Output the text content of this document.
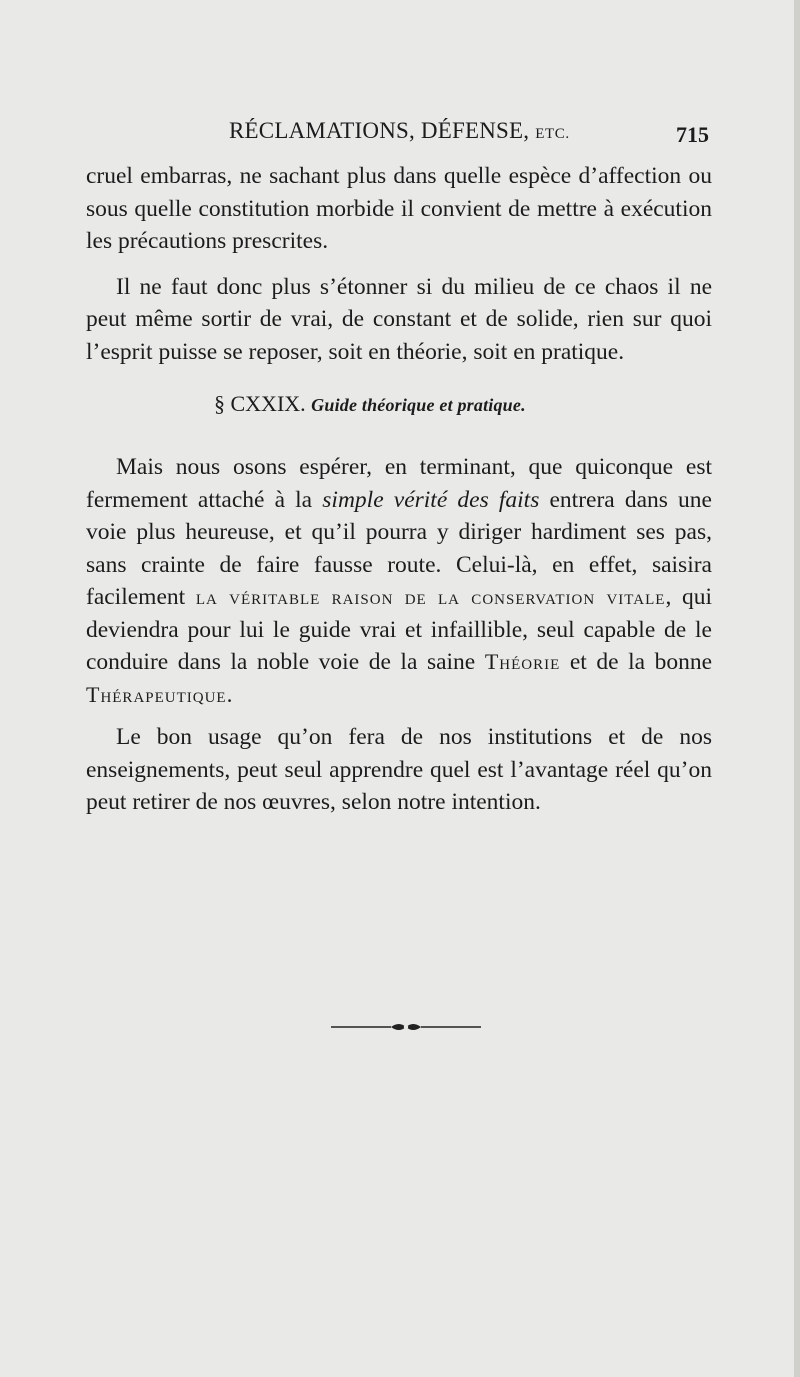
RÉCLAMATIONS, DÉFENSE, ETC.	715

cruel embarras, ne sachant plus dans quelle espèce d’affection ou sous quelle constitution morbide il convient de mettre à exécution les précautions prescrites.

Il ne faut donc plus s’étonner si du milieu de ce chaos il ne peut même sortir de vrai, de constant et de solide, rien sur quoi l’esprit puisse se reposer, soit en théorie, soit en pratique.

§ CXXIX. Guide théorique et pratique.

Mais nous osons espérer, en terminant, que quiconque est fermement attaché à la simple vérité des faits entrera dans une voie plus heureuse, et qu’il pourra y diriger hardiment ses pas, sans crainte de faire fausse route. Celui-là, en effet, saisira facilement la véritable raison de la conservation vitale, qui deviendra pour lui le guide vrai et infaillible, seul capable de le conduire dans la noble voie de la saine Théorie et de la bonne Thérapeutique.

Le bon usage qu’on fera de nos institutions et de nos enseignements, peut seul apprendre quel est l’avantage réel qu’on peut retirer de nos œuvres, selon notre intention.
